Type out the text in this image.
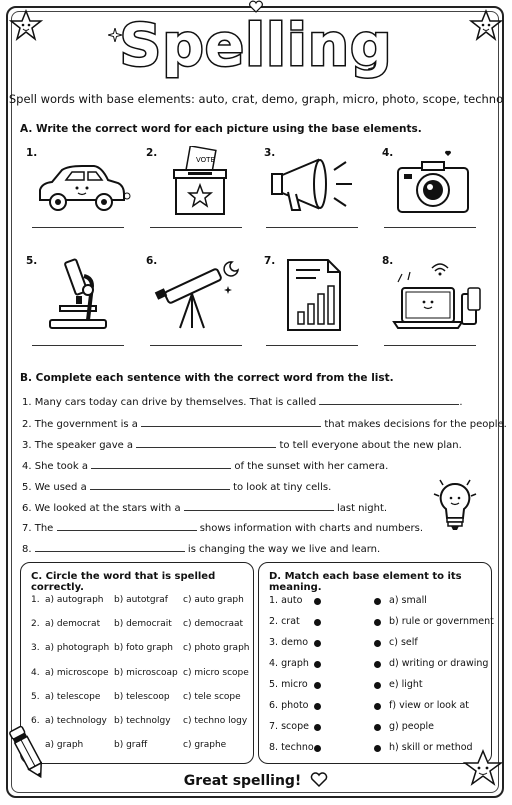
Spelling
Spell words with base elements: auto, crat, demo, graph, micro, photo, scope, techno
A. Write the correct word for each picture using the base elements.
1.	2.	3.	4.
5.	6.	7.	8.
VOTE
B. Complete each sentence with the correct word from the list.
1. Many cars today can drive by themselves. That is called	.
2. The government is a	that makes decisions for the people.
3. The speaker gave a	to tell everyone about the new plan.
4. She took a	of the sunset with her camera.
5. We used a	to look at tiny cells.
6. We looked at the stars with a	last night.
7. The	shows information with charts and numbers.
8.	is changing the way we live and learn.
C. Circle the word that is spelled correctly.
1. a) autograph b) autotgraf c) auto graph
2. a) democrat b) democrait c) democraat
3. a) photograph b) foto graph c) photo graph
4. a) microscope b) microscoap c) micro scope
5. a) telescope b) telescoop c) tele scope
6. a) technology b) technolgy c) techno logy
a) graph	b) graff	c) graphe
D. Match each base element to its meaning.
1. auto	a) small
2. crat	b) rule or government
3. demo	c) self
4. graph	d) writing or drawing
5. micro	e) light
6. photo	f) view or look at
7. scope	g) people
8. techno	h) skill or method
Great spelling!
